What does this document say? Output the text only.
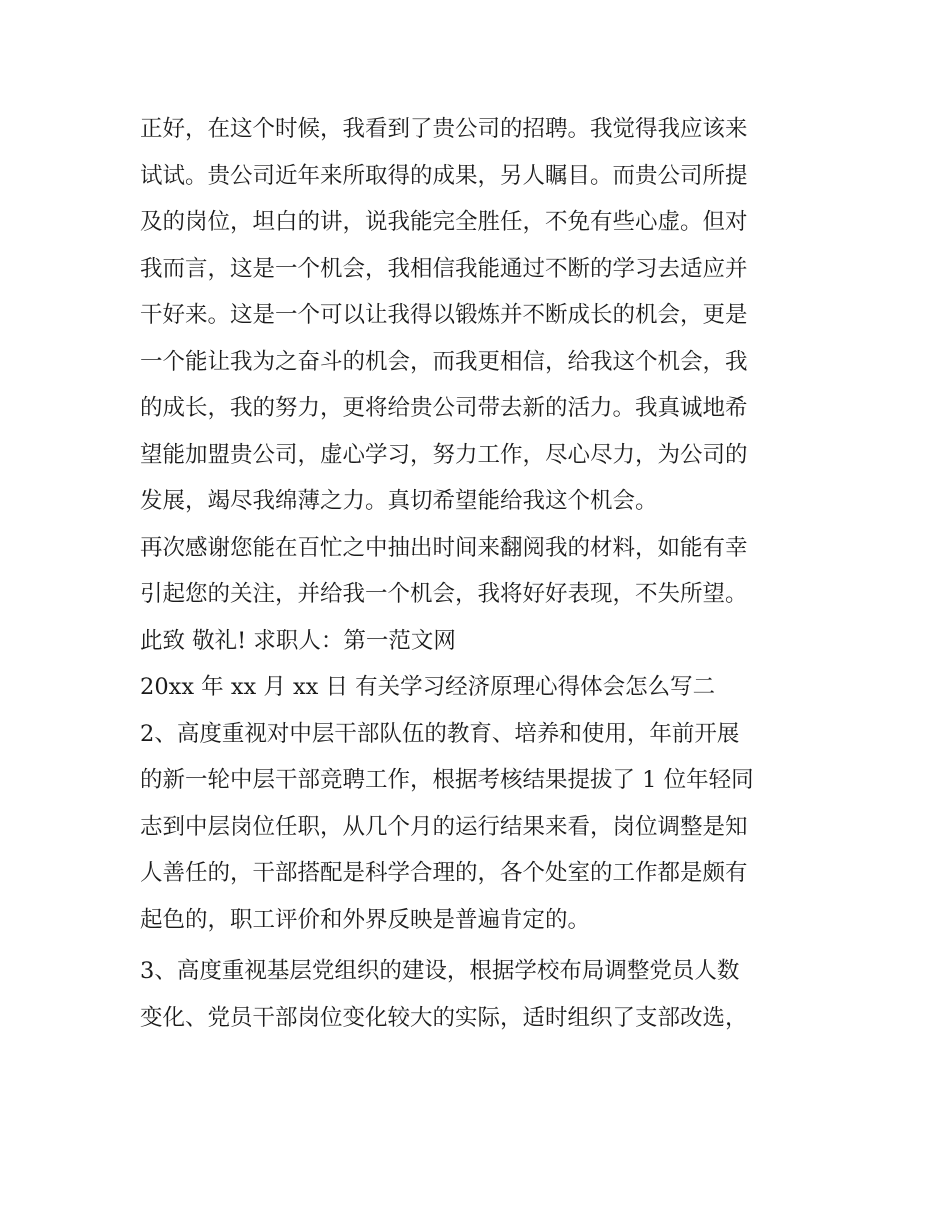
正好，在这个时候，我看到了贵公司的招聘。我觉得我应该来
试试。贵公司近年来所取得的成果，另人瞩目。而贵公司所提
及的岗位，坦白的讲，说我能完全胜任，不免有些心虚。但对
我而言，这是一个机会，我相信我能通过不断的学习去适应并
干好来。这是一个可以让我得以锻炼并不断成长的机会，更是
一个能让我为之奋斗的机会，而我更相信，给我这个机会，我
的成长，我的努力，更将给贵公司带去新的活力。我真诚地希
望能加盟贵公司，虚心学习，努力工作，尽心尽力，为公司的
发展，竭尽我绵薄之力。真切希望能给我这个机会。
再次感谢您能在百忙之中抽出时间来翻阅我的材料，如能有幸
引起您的关注，并给我一个机会，我将好好表现，不失所望。
此致 敬礼! 求职人：第一范文网
20xx 年 xx 月 xx 日 有关学习经济原理心得体会怎么写二
2、高度重视对中层干部队伍的教育、培养和使用，年前开展
的新一轮中层干部竞聘工作，根据考核结果提拔了 1 位年轻同
志到中层岗位任职，从几个月的运行结果来看，岗位调整是知
人善任的，干部搭配是科学合理的，各个处室的工作都是颇有
起色的，职工评价和外界反映是普遍肯定的。
3、高度重视基层党组织的建设，根据学校布局调整党员人数
变化、党员干部岗位变化较大的实际，适时组织了支部改选，
